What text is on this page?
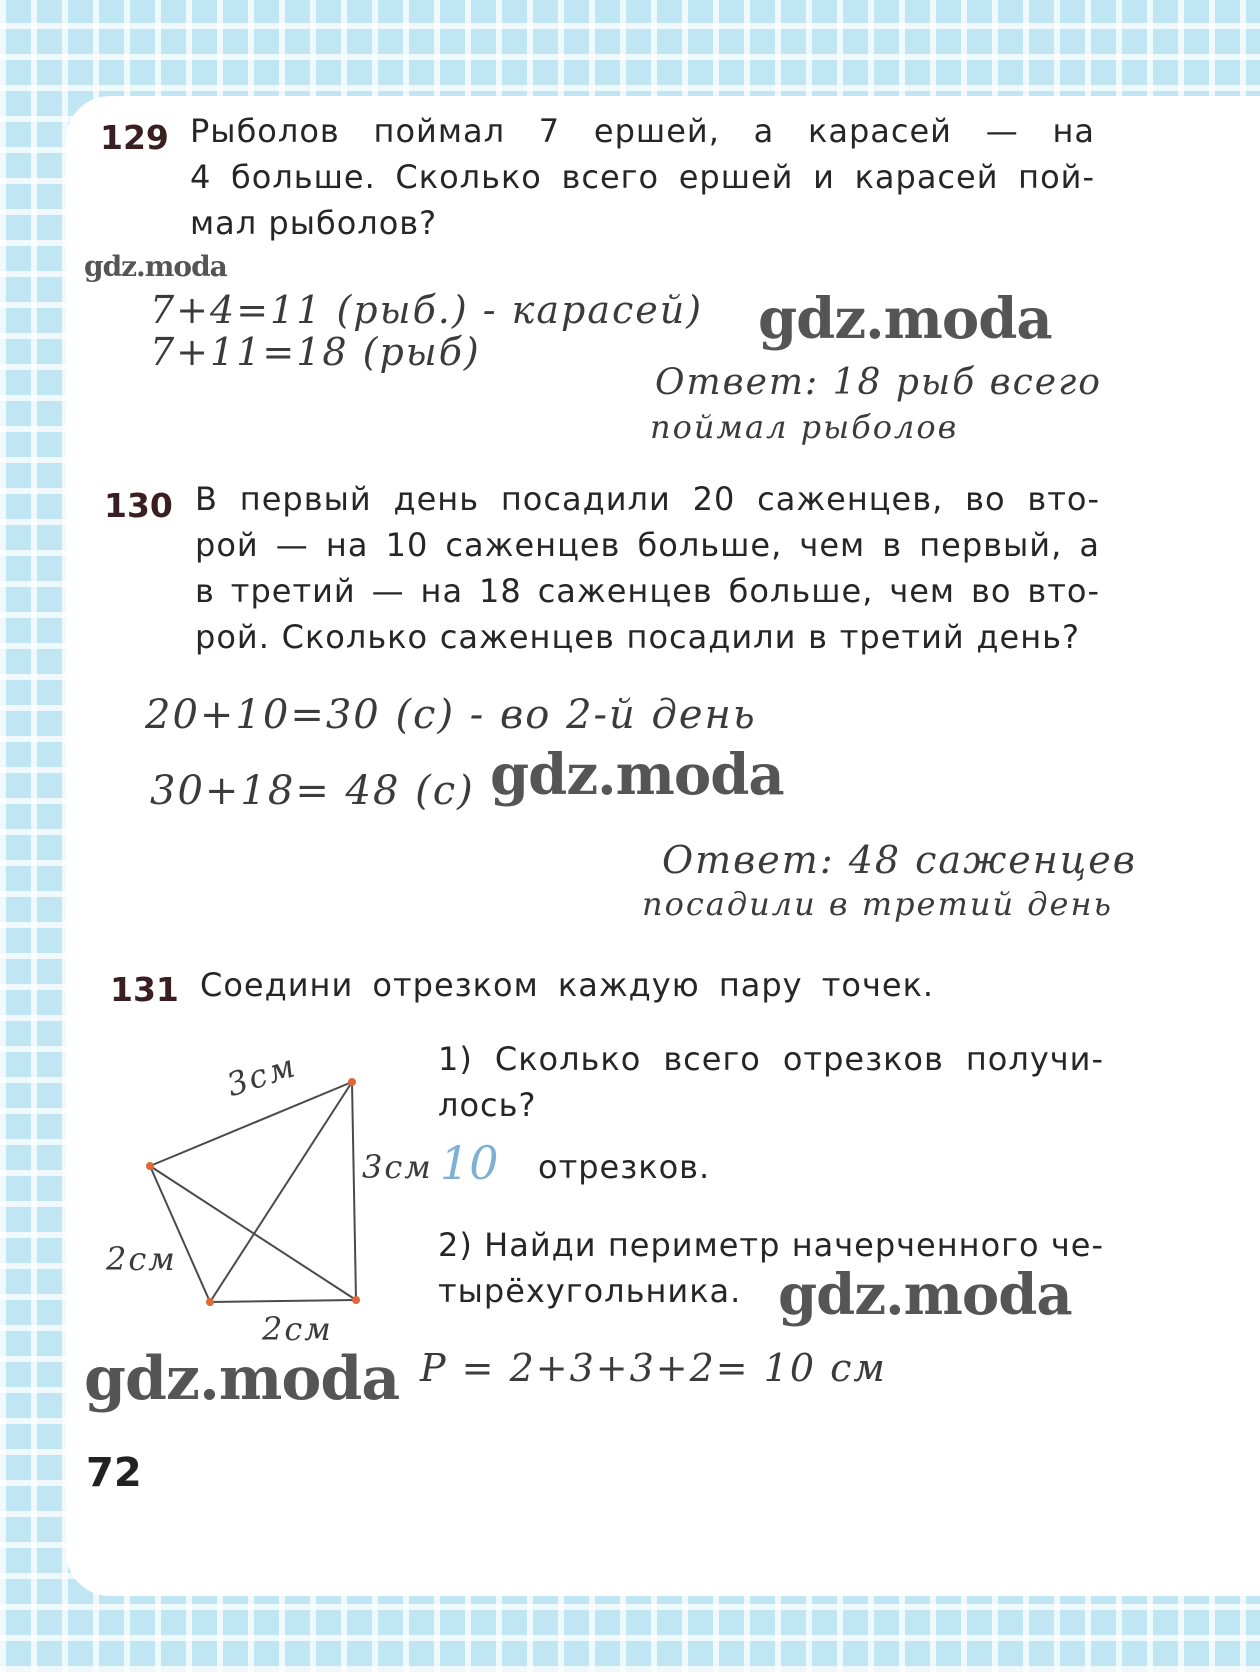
129 Рыболов поймал 7 ершей, а карасей — на
4 больше. Сколько всего ершей и карасей пой-
мал рыболов?
gdz.moda
7+4=11 (рыб.) - карасей)
7+11=18 (рыб)	gdz.moda
Ответ: 18 рыб всего
поймал рыболов
130 В первый день посадили 20 саженцев, во вто-
рой — на 10 саженцев больше, чем в первый, а
в третий — на 18 саженцев больше, чем во вто-
рой. Сколько саженцев посадили в третий день?
20+10=30 (с) - во 2-й день
30+18= 48 (с) gdz.moda
Ответ: 48 саженцев
посадили в третий день
131 Соедини отрезком каждую пару точек.
1) Сколько всего отрезков получи-
лось?
10 отрезков.
2) Найди периметр начерченного че-
тырёхугольника. gdz.moda
gdz.moda P = 2+3+3+2= 10 см
3см
3см
2см
2см
72
